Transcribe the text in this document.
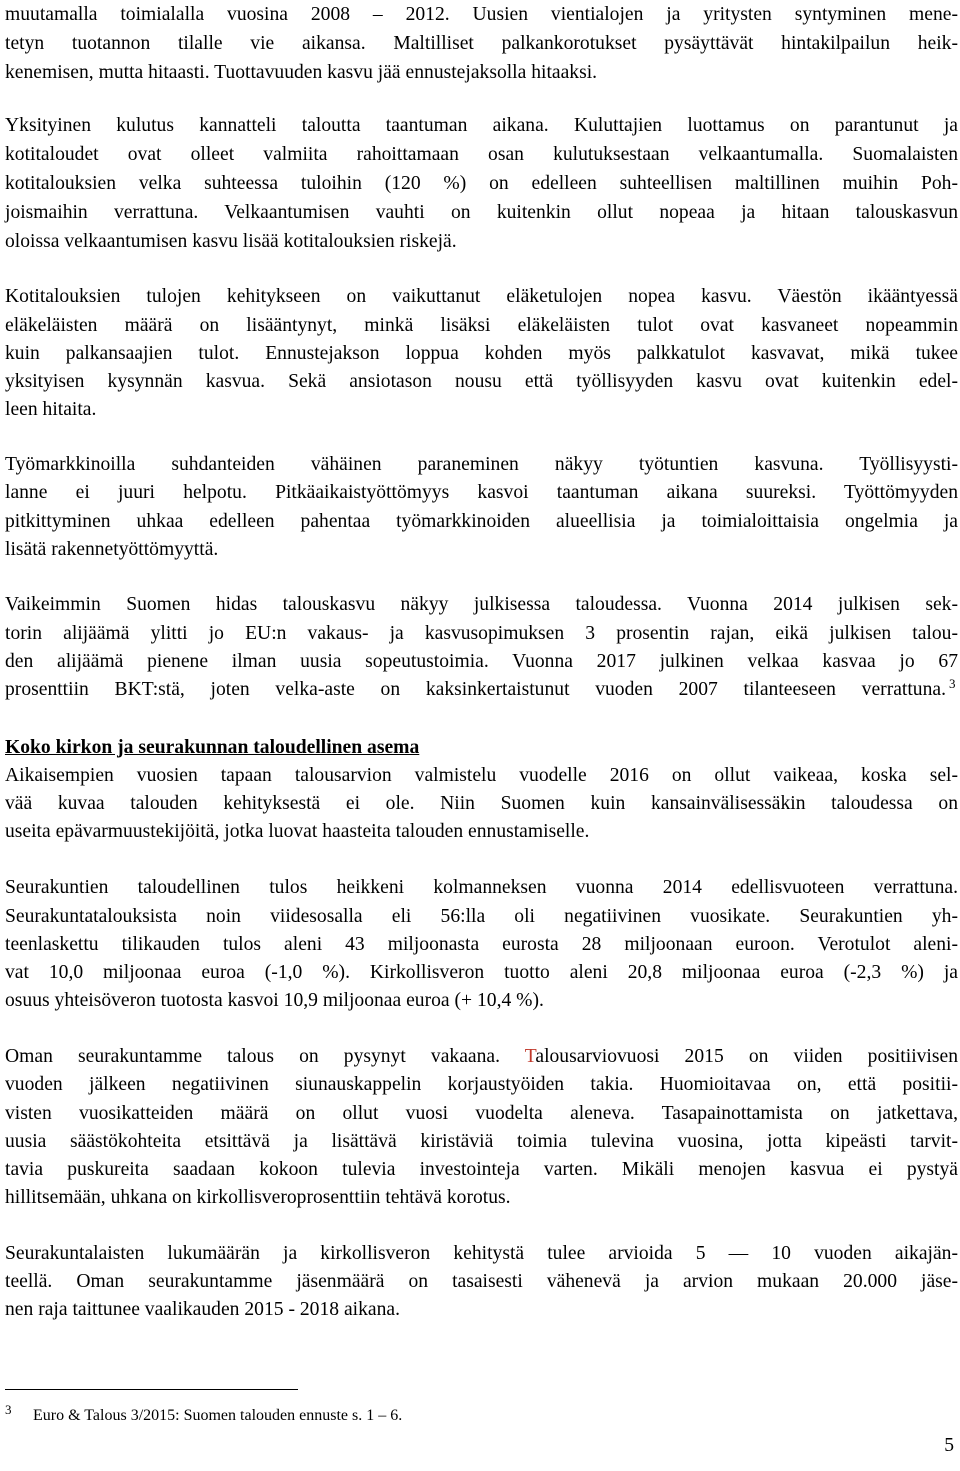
muutamalla toimialalla vuosina 2008 – 2012. Uusien vientialojen ja yritysten syntyminen mene-
tetyn tuotannon tilalle vie aikansa. Maltilliset palkankorotukset pysäyttävät hintakilpailun heik-
kenemisen, mutta hitaasti. Tuottavuuden kasvu jää ennustejaksolla hitaaksi.
Yksityinen kulutus kannatteli taloutta taantuman aikana. Kuluttajien luottamus on parantunut ja
kotitaloudet ovat olleet valmiita rahoittamaan osan kulutuksestaan velkaantumalla. Suomalaisten
kotitalouksien velka suhteessa tuloihin (120 %) on edelleen suhteellisen maltillinen muihin Poh-
joismaihin verrattuna. Velkaantumisen vauhti on kuitenkin ollut nopeaa ja hitaan talouskasvun
oloissa velkaantumisen kasvu lisää kotitalouksien riskejä.
Kotitalouksien tulojen kehitykseen on vaikuttanut eläketulojen nopea kasvu. Väestön ikääntyessä
eläkeläisten määrä on lisääntynyt, minkä lisäksi eläkeläisten tulot ovat kasvaneet nopeammin
kuin palkansaajien tulot. Ennustejakson loppua kohden myös palkkatulot kasvavat, mikä tukee
yksityisen kysynnän kasvua. Sekä ansiotason nousu että työllisyyden kasvu ovat kuitenkin edel-
leen hitaita.
Työmarkkinoilla suhdanteiden vähäinen paraneminen näkyy työtuntien kasvuna. Työllisyysti-
lanne ei juuri helpotu. Pitkäaikaistyöttömyys kasvoi taantuman aikana suureksi. Työttömyyden
pitkittyminen uhkaa edelleen pahentaa työmarkkinoiden alueellisia ja toimialoittaisia ongelmia ja
lisätä rakennetyöttömyyttä.
Vaikeimmin Suomen hidas talouskasvu näkyy julkisessa taloudessa. Vuonna 2014 julkisen sek-
torin alijäämä ylitti jo EU:n vakaus- ja kasvusopimuksen 3 prosentin rajan, eikä julkisen talou-
den alijäämä pienene ilman uusia sopeutustoimia. Vuonna 2017 julkinen velkaa kasvaa jo 67
prosenttiin BKT:stä, joten velka-aste on kaksinkertaistunut vuoden 2007 tilanteeseen verrattuna. 3
Koko kirkon ja seurakunnan taloudellinen asema
Aikaisempien vuosien tapaan talousarvion valmistelu vuodelle 2016 on ollut vaikeaa, koska sel-
vää kuvaa talouden kehityksestä ei ole. Niin Suomen kuin kansainvälisessäkin taloudessa on
useita epävarmuustekijöitä, jotka luovat haasteita talouden ennustamiselle.
Seurakuntien taloudellinen tulos heikkeni kolmanneksen vuonna 2014 edellisvuoteen verrattuna.
Seurakuntatalouksista noin viidesosalla eli 56:lla oli negatiivinen vuosikate. Seurakuntien yh-
teenlaskettu tilikauden tulos aleni 43 miljoonasta eurosta 28 miljoonaan euroon. Verotulot aleni-
vat 10,0 miljoonaa euroa (-1,0 %). Kirkollisveron tuotto aleni 20,8 miljoonaa euroa (-2,3 %) ja
osuus yhteisöveron tuotosta kasvoi 10,9 miljoonaa euroa (+ 10,4 %).
Oman seurakuntamme talous on pysynyt vakaana. Talousarviovuosi 2015 on viiden positiivisen
vuoden jälkeen negatiivinen siunauskappelin korjaustyöiden takia. Huomioitavaa on, että positii-
visten vuosikatteiden määrä on ollut vuosi vuodelta aleneva. Tasapainottamista on jatkettava,
uusia säästökohteita etsittävä ja lisättävä kiristäviä toimia tulevina vuosina, jotta kipeästi tarvit-
tavia puskureita saadaan kokoon tulevia investointeja varten. Mikäli menojen kasvua ei pystyä
hillitsemään, uhkana on kirkollisveroprosenttiin tehtävä korotus.
Seurakuntalaisten lukumäärän ja kirkollisveron kehitystä tulee arvioida 5 — 10 vuoden aikajän-
teellä. Oman seurakuntamme jäsenmäärä on tasaisesti vähenevä ja arvion mukaan 20.000 jäse-
nen raja taittunee vaalikauden 2015 - 2018 aikana.
3 Euro & Talous 3/2015: Suomen talouden ennuste s. 1 – 6.
5
